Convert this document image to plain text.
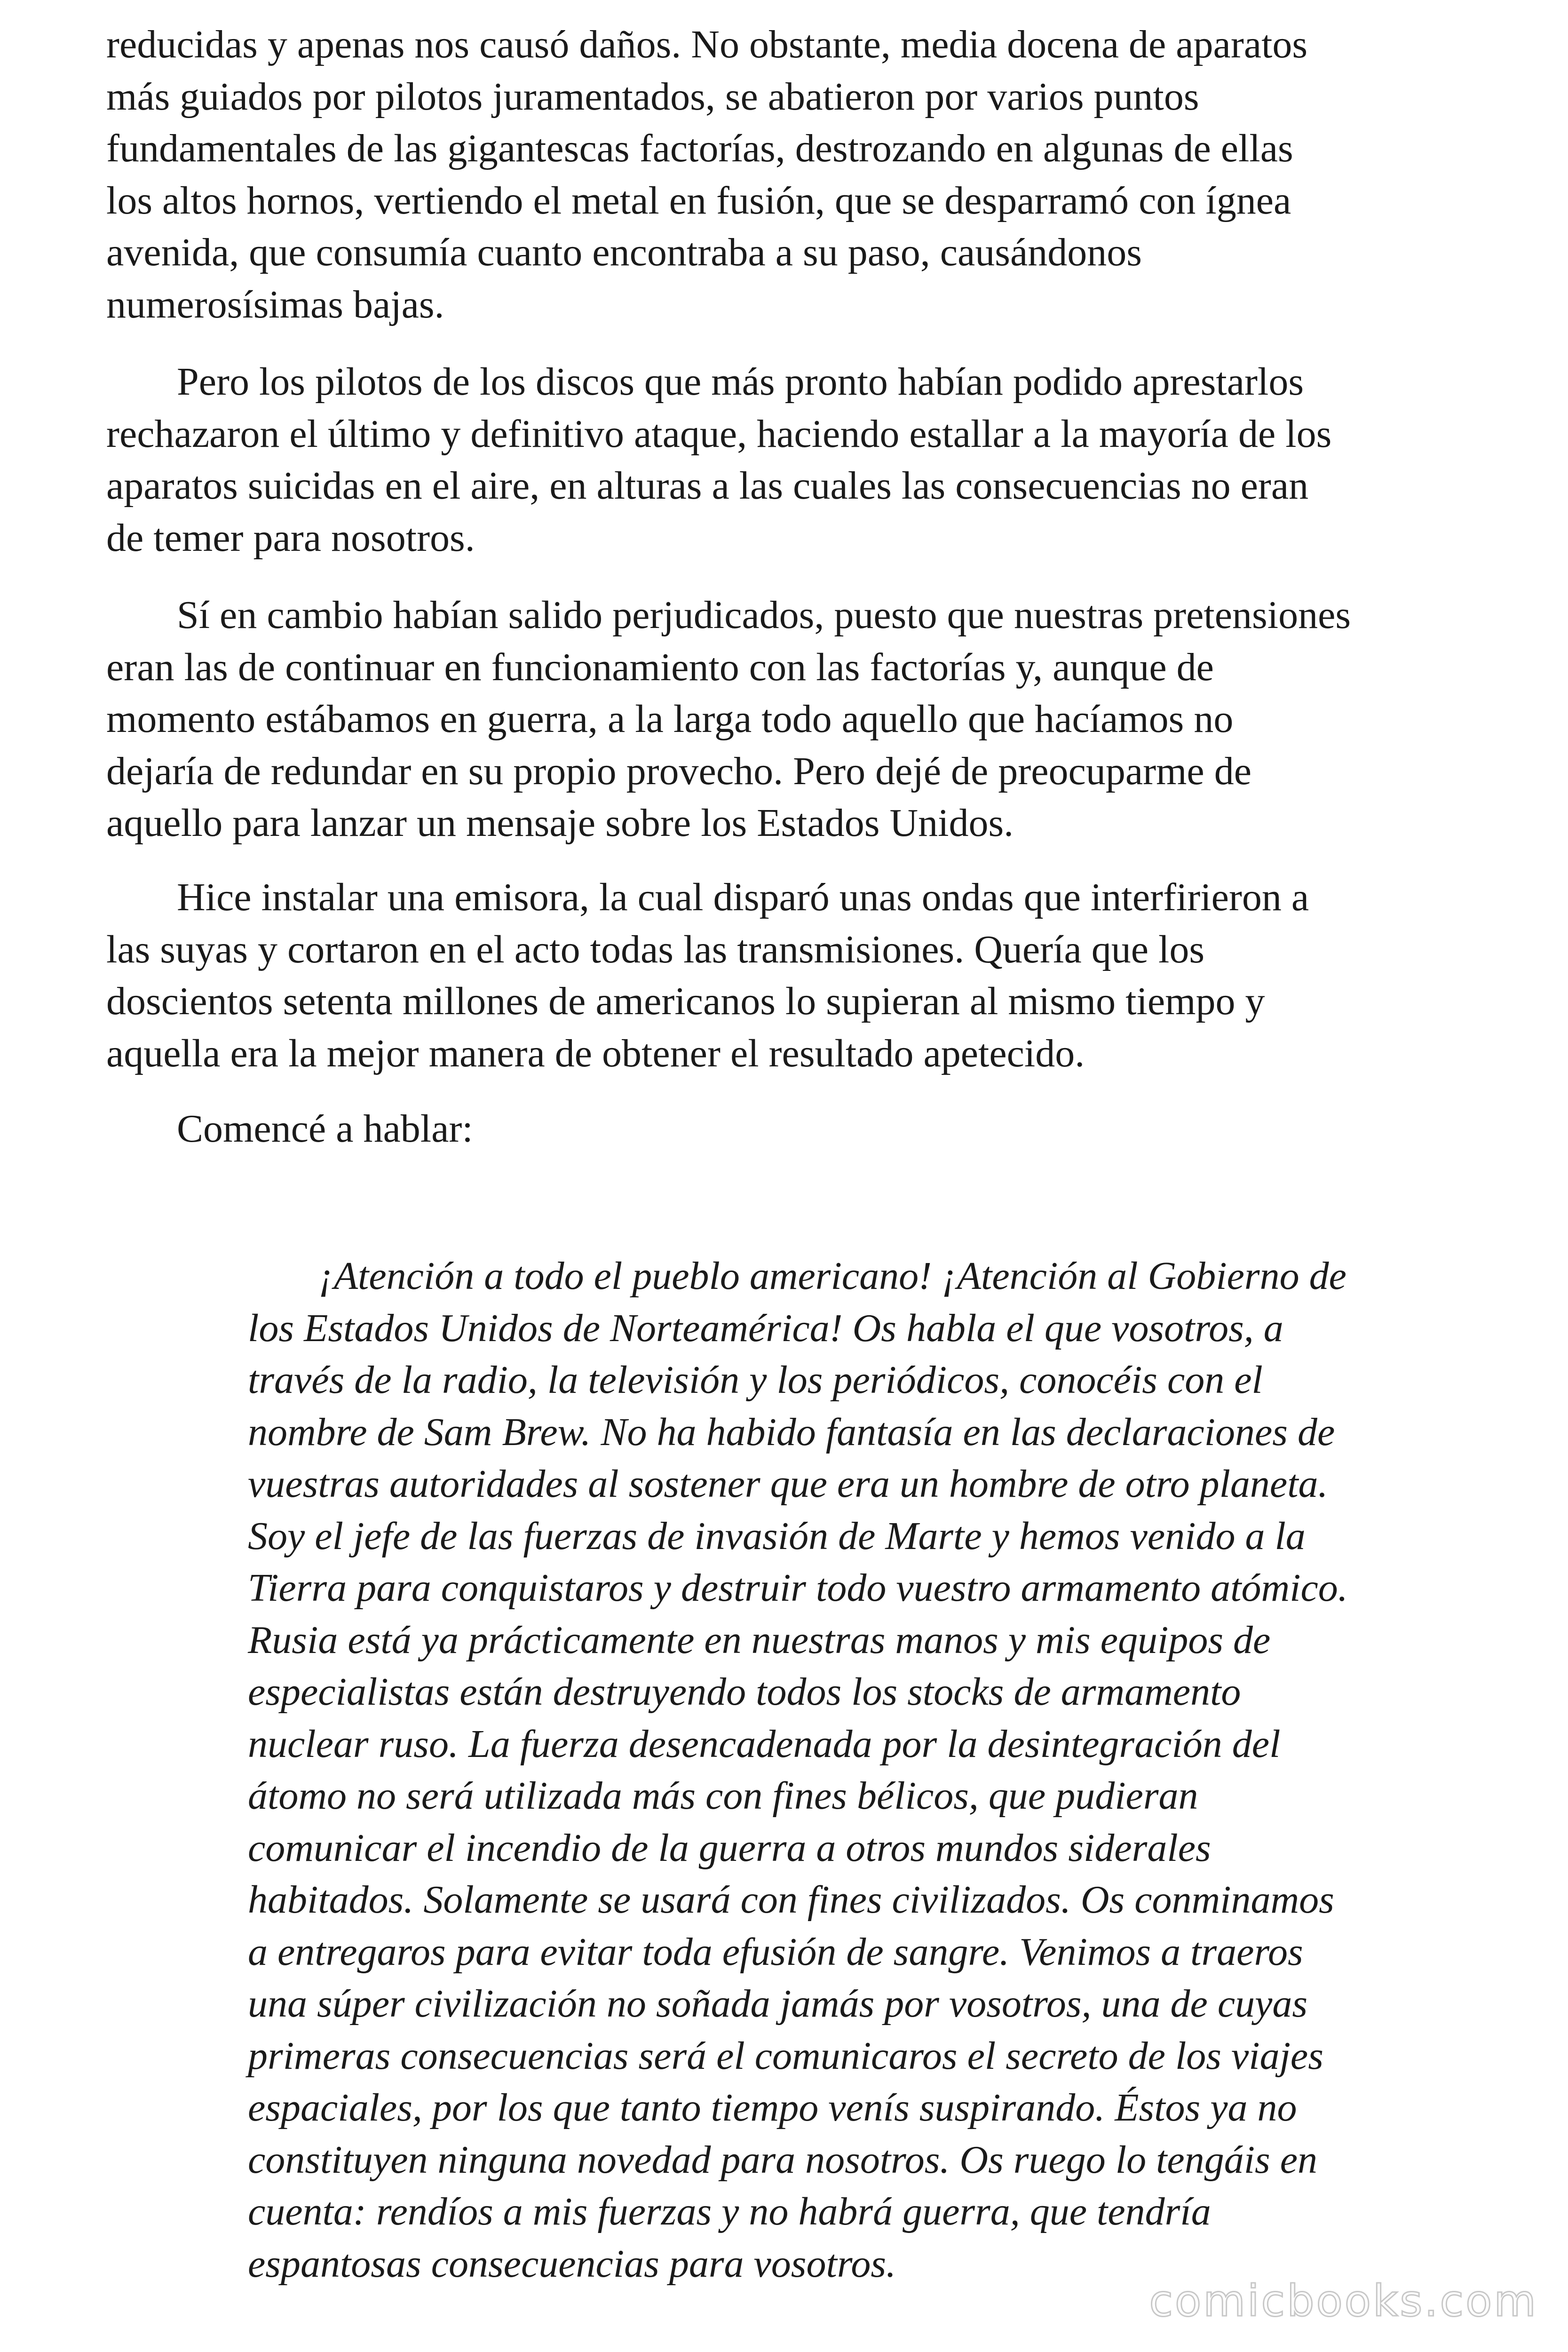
reducidas y apenas nos causó daños. No obstante, media docena de aparatos
más guiados por pilotos juramentados, se abatieron por varios puntos
fundamentales de las gigantescas factorías, destrozando en algunas de ellas
los altos hornos, vertiendo el metal en fusión, que se desparramó con ígnea
avenida, que consumía cuanto encontraba a su paso, causándonos
numerosísimas bajas.

Pero los pilotos de los discos que más pronto habían podido aprestarlos
rechazaron el último y definitivo ataque, haciendo estallar a la mayoría de los
aparatos suicidas en el aire, en alturas a las cuales las consecuencias no eran
de temer para nosotros.

Sí en cambio habían salido perjudicados, puesto que nuestras pretensiones
eran las de continuar en funcionamiento con las factorías y, aunque de
momento estábamos en guerra, a la larga todo aquello que hacíamos no
dejaría de redundar en su propio provecho. Pero dejé de preocuparme de
aquello para lanzar un mensaje sobre los Estados Unidos.

Hice instalar una emisora, la cual disparó unas ondas que interfirieron a
las suyas y cortaron en el acto todas las transmisiones. Quería que los
doscientos setenta millones de americanos lo supieran al mismo tiempo y
aquella era la mejor manera de obtener el resultado apetecido.

Comencé a hablar:

¡Atención a todo el pueblo americano! ¡Atención al Gobierno de
los Estados Unidos de Norteamérica! Os habla el que vosotros, a
través de la radio, la televisión y los periódicos, conocéis con el
nombre de Sam Brew. No ha habido fantasía en las declaraciones de
vuestras autoridades al sostener que era un hombre de otro planeta.
Soy el jefe de las fuerzas de invasión de Marte y hemos venido a la
Tierra para conquistaros y destruir todo vuestro armamento atómico.
Rusia está ya prácticamente en nuestras manos y mis equipos de
especialistas están destruyendo todos los stocks de armamento
nuclear ruso. La fuerza desencadenada por la desintegración del
átomo no será utilizada más con fines bélicos, que pudieran
comunicar el incendio de la guerra a otros mundos siderales
habitados. Solamente se usará con fines civilizados. Os conminamos
a entregaros para evitar toda efusión de sangre. Venimos a traeros
una súper civilización no soñada jamás por vosotros, una de cuyas
primeras consecuencias será el comunicaros el secreto de los viajes
espaciales, por los que tanto tiempo venís suspirando. Éstos ya no
constituyen ninguna novedad para nosotros. Os ruego lo tengáis en
cuenta: rendíos a mis fuerzas y no habrá guerra, que tendría
espantosas consecuencias para vosotros.
comicbooks.com
